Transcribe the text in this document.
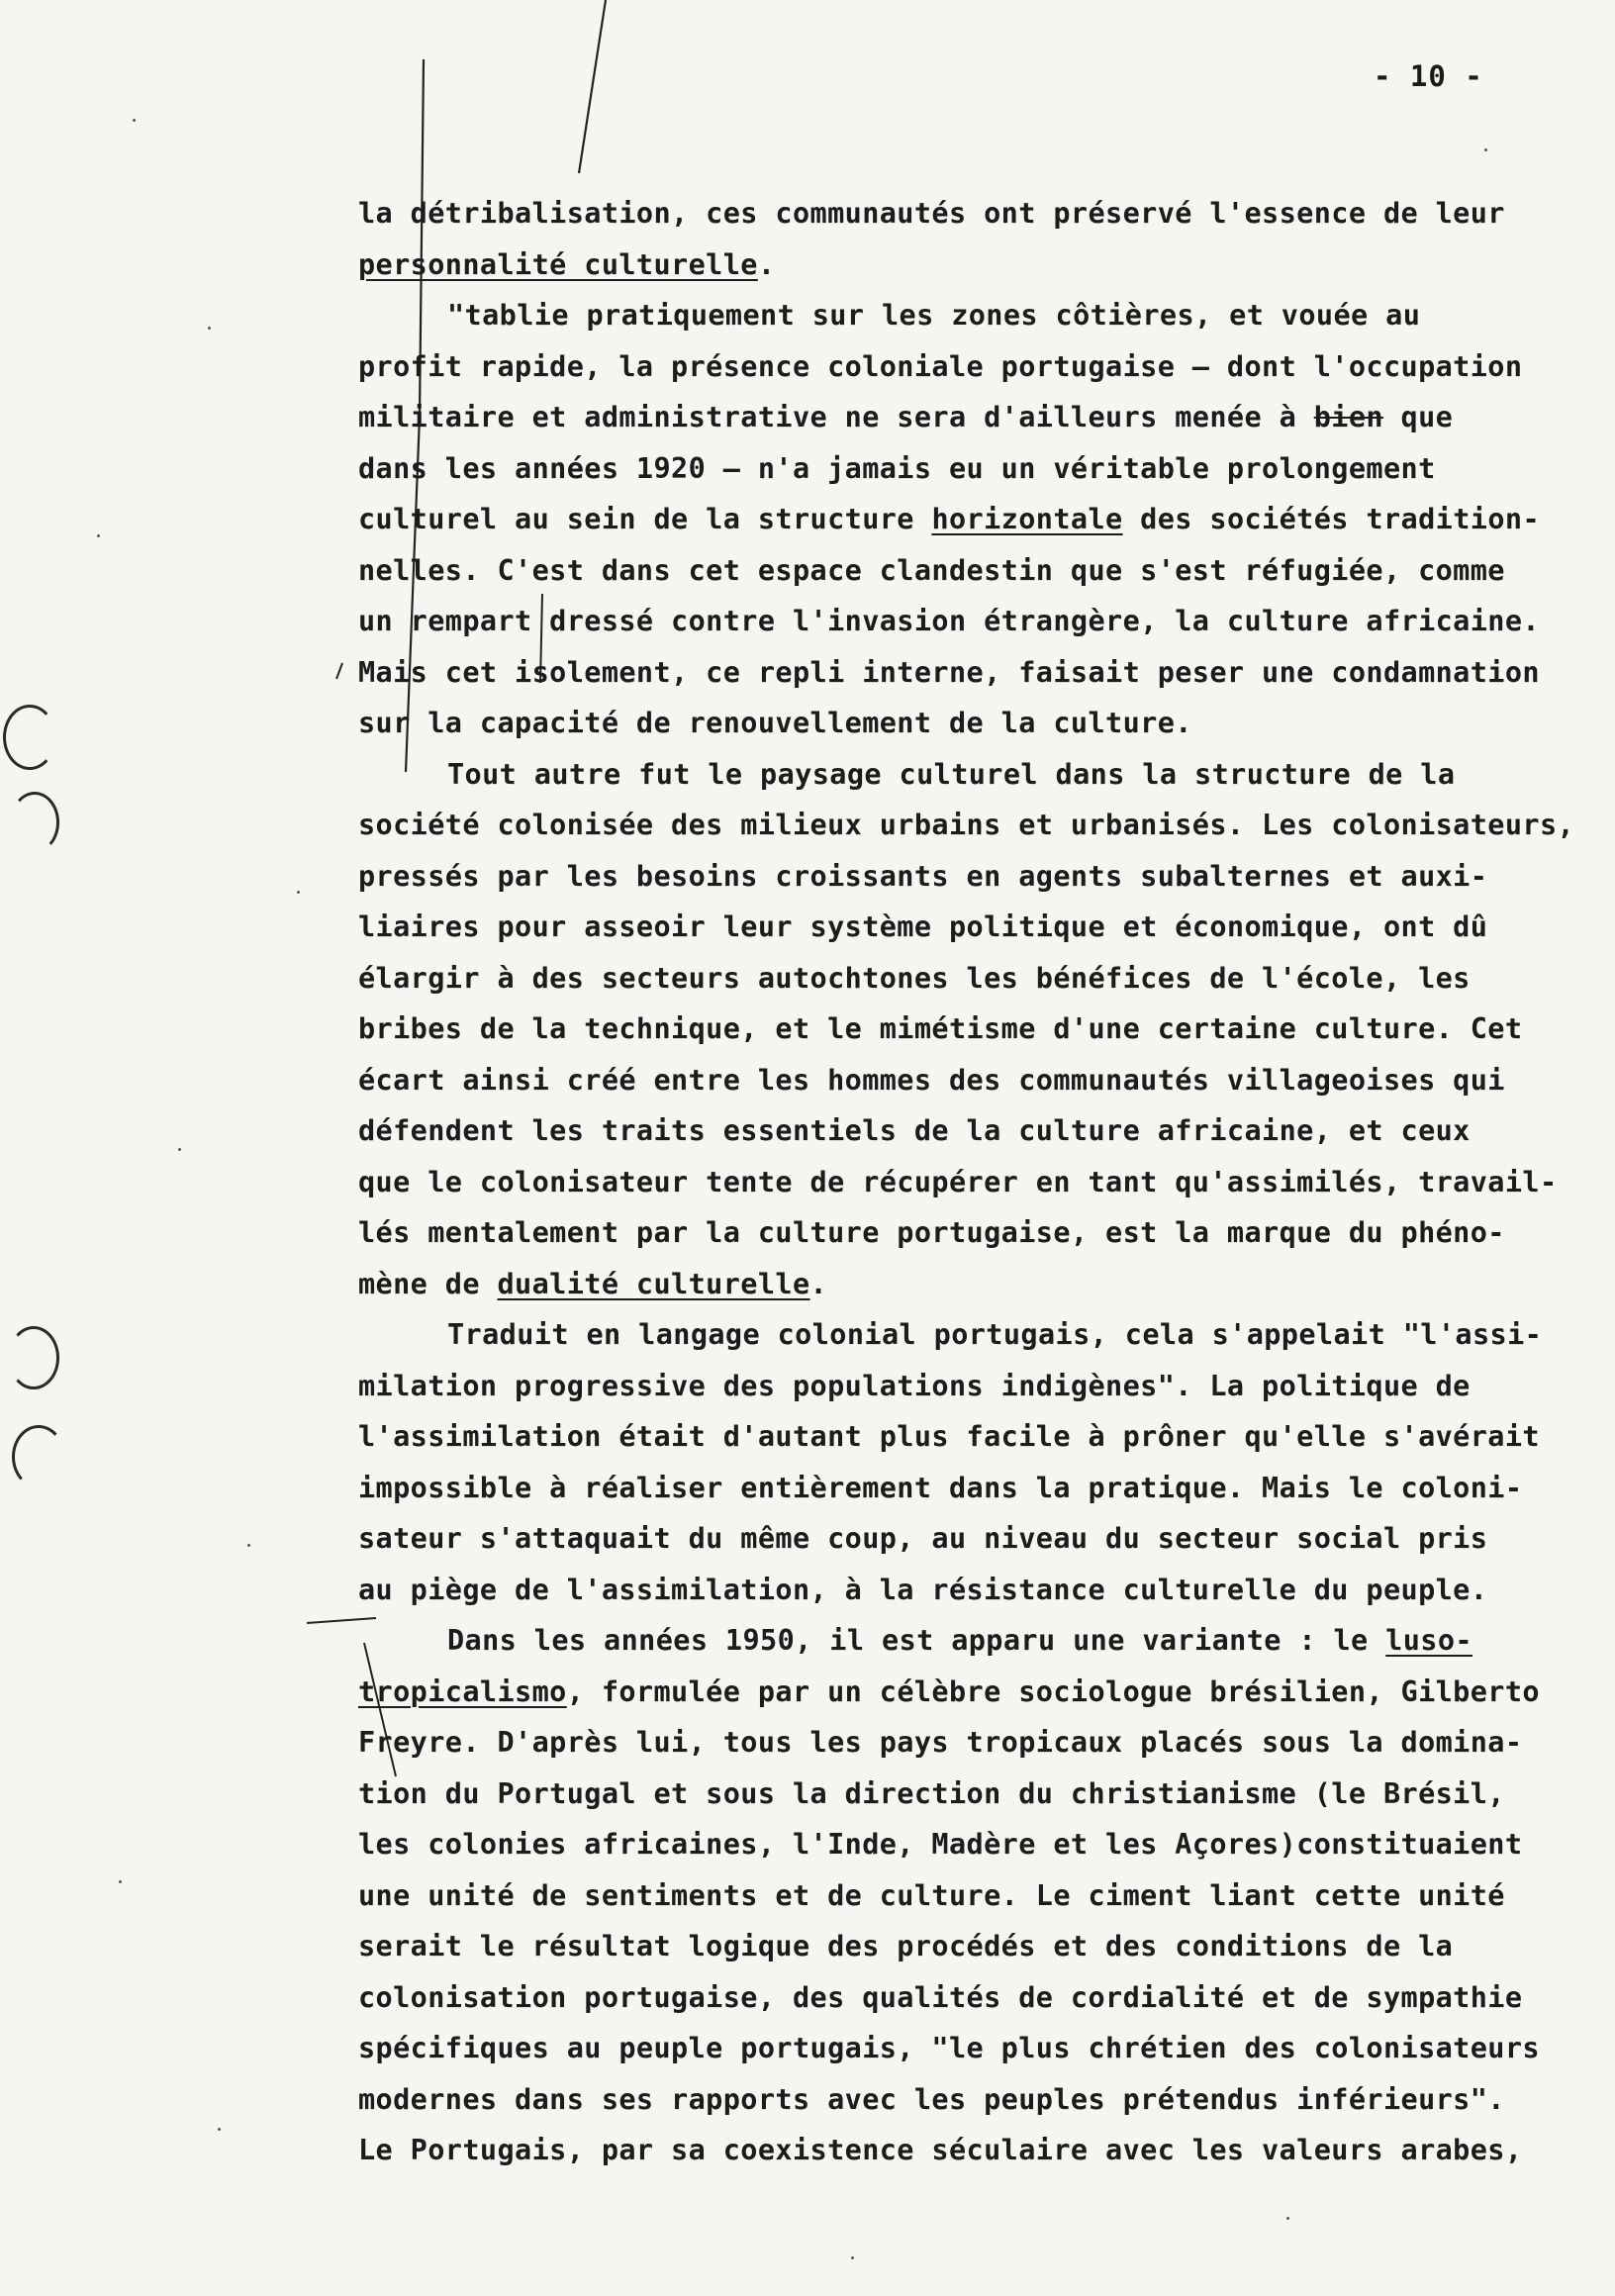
- 10 -
la détribalisation, ces communautés ont préservé l'essence de leur
personnalité culturelle.
"tablie pratiquement sur les zones côtières, et vouée au
profit rapide, la présence coloniale portugaise – dont l'occupation
militaire et administrative ne sera d'ailleurs menée à bien que
dans les années 1920 – n'a jamais eu un véritable prolongement
culturel au sein de la structure horizontale des sociétés tradition-
nelles. C'est dans cet espace clandestin que s'est réfugiée, comme
un rempart dressé contre l'invasion étrangère, la culture africaine.
Mais cet isolement, ce repli interne, faisait peser une condamnation
sur la capacité de renouvellement de la culture.
Tout autre fut le paysage culturel dans la structure de la
société colonisée des milieux urbains et urbanisés. Les colonisateurs,
pressés par les besoins croissants en agents subalternes et auxi-
liaires pour asseoir leur système politique et économique, ont dû
élargir à des secteurs autochtones les bénéfices de l'école, les
bribes de la technique, et le mimétisme d'une certaine culture. Cet
écart ainsi créé entre les hommes des communautés villageoises qui
défendent les traits essentiels de la culture africaine, et ceux
que le colonisateur tente de récupérer en tant qu'assimilés, travail-
lés mentalement par la culture portugaise, est la marque du phéno-
mène de dualité culturelle.
Traduit en langage colonial portugais, cela s'appelait "l'assi-
milation progressive des populations indigènes". La politique de
l'assimilation était d'autant plus facile à prôner qu'elle s'avérait
impossible à réaliser entièrement dans la pratique. Mais le coloni-
sateur s'attaquait du même coup, au niveau du secteur social pris
au piège de l'assimilation, à la résistance culturelle du peuple.
Dans les années 1950, il est apparu une variante : le luso-
tropicalismo, formulée par un célèbre sociologue brésilien, Gilberto
Freyre. D'après lui, tous les pays tropicaux placés sous la domina-
tion du Portugal et sous la direction du christianisme (le Brésil,
les colonies africaines, l'Inde, Madère et les Açores)constituaient
une unité de sentiments et de culture. Le ciment liant cette unité
serait le résultat logique des procédés et des conditions de la
colonisation portugaise, des qualités de cordialité et de sympathie
spécifiques au peuple portugais, "le plus chrétien des colonisateurs
modernes dans ses rapports avec les peuples prétendus inférieurs".
Le Portugais, par sa coexistence séculaire avec les valeurs arabes,
